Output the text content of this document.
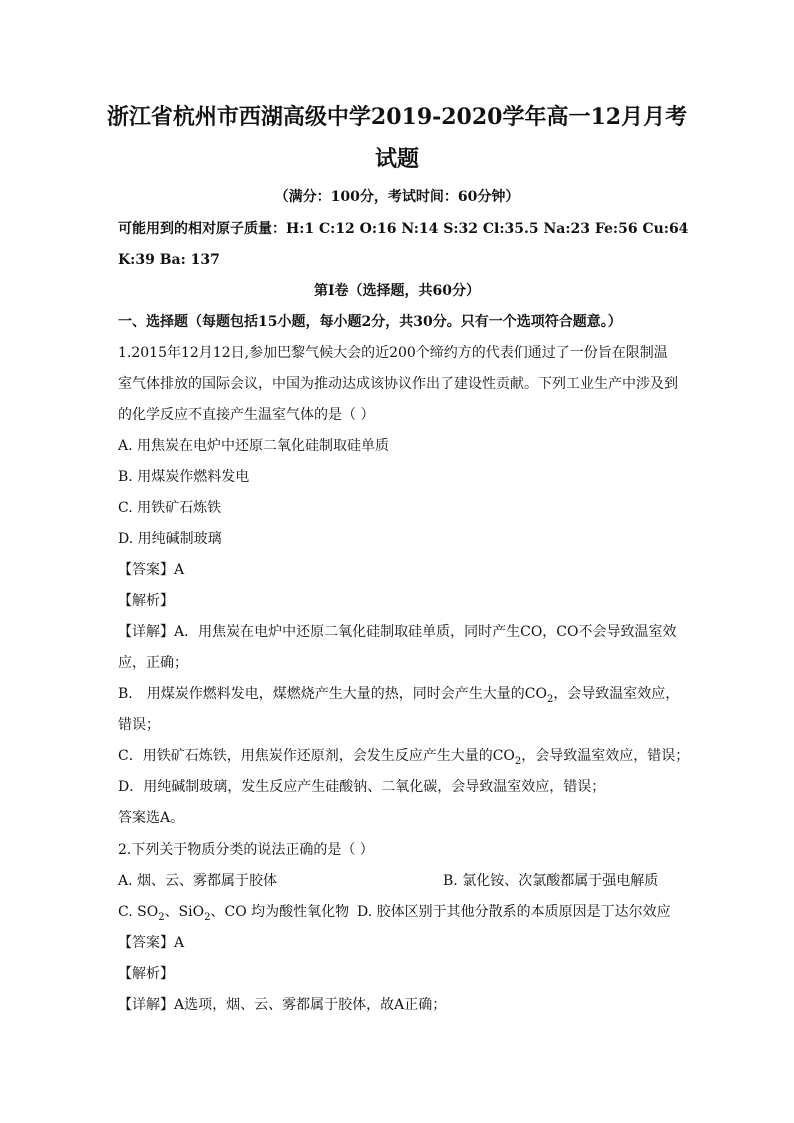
浙江省杭州市西湖高级中学2019-2020学年高一12月月考
试题
（满分：100分，考试时间：60分钟）
可能用到的相对原子质量：H:1 C:12 O:16 N:14 S:32 Cl:35.5 Na:23 Fe:56 Cu:64
K:39 Ba: 137
第I卷（选择题，共60分）
一、选择题（每题包括15小题，每小题2分，共30分。只有一个选项符合题意。）
1.2015年12月12日,参加巴黎气候大会的近200个缔约方的代表们通过了一份旨在限制温
室气体排放的国际会议，中国为推动达成该协议作出了建设性贡献。下列工业生产中涉及到
的化学反应不直接产生温室气体的是（ ）
A. 用焦炭在电炉中还原二氧化硅制取硅单质
B. 用煤炭作燃料发电
C. 用铁矿石炼铁
D. 用纯碱制玻璃
【答案】A
【解析】
【详解】A．用焦炭在电炉中还原二氧化硅制取硅单质，同时产生CO，CO不会导致温室效
应，正确；
B． 用煤炭作燃料发电，煤燃烧产生大量的热，同时会产生大量的$CO_2$，会导致温室效应，
错误；
C．用铁矿石炼铁，用焦炭作还原剂，会发生反应产生大量的$CO_2$，会导致温室效应，错误；
D．用纯碱制玻璃，发生反应产生硅酸钠、二氧化碳，会导致温室效应，错误；
答案选A。
2.下列关于物质分类的说法正确的是（ ）
A. 烟、云、雾都属于胶体	B. 氯化铵、次氯酸都属于强电解质
C. $SO_2$、SiO$_2$、CO 均为酸性氧化物 D. 胶体区别于其他分散系的本质原因是丁达尔效应
【答案】A
【解析】
【详解】A选项，烟、云、雾都属于胶体，故A正确；
